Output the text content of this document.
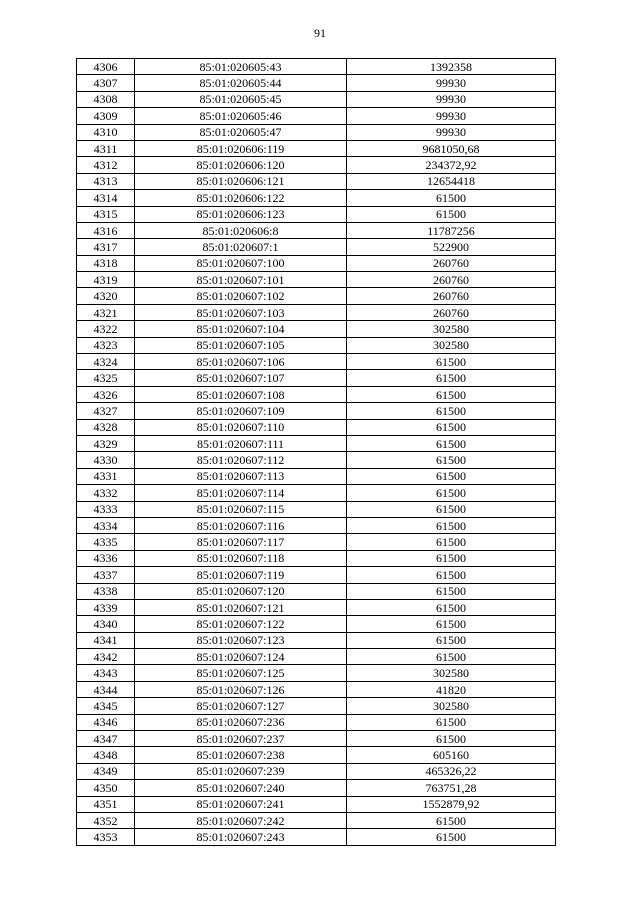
91
4306	85:01:020605:43	1392358
4307	85:01:020605:44	99930
4308	85:01:020605:45	99930
4309	85:01:020605:46	99930
4310	85:01:020605:47	99930
4311	85:01:020606:119	9681050,68
4312	85:01:020606:120	234372,92
4313	85:01:020606:121	12654418
4314	85:01:020606:122	61500
4315	85:01:020606:123	61500
4316	85:01:020606:8	11787256
4317	85:01:020607:1	522900
4318	85:01:020607:100	260760
4319	85:01:020607:101	260760
4320	85:01:020607:102	260760
4321	85:01:020607:103	260760
4322	85:01:020607:104	302580
4323	85:01:020607:105	302580
4324	85:01:020607:106	61500
4325	85:01:020607:107	61500
4326	85:01:020607:108	61500
4327	85:01:020607:109	61500
4328	85:01:020607:110	61500
4329	85:01:020607:111	61500
4330	85:01:020607:112	61500
4331	85:01:020607:113	61500
4332	85:01:020607:114	61500
4333	85:01:020607:115	61500
4334	85:01:020607:116	61500
4335	85:01:020607:117	61500
4336	85:01:020607:118	61500
4337	85:01:020607:119	61500
4338	85:01:020607:120	61500
4339	85:01:020607:121	61500
4340	85:01:020607:122	61500
4341	85:01:020607:123	61500
4342	85:01:020607:124	61500
4343	85:01:020607:125	302580
4344	85:01:020607:126	41820
4345	85:01:020607:127	302580
4346	85:01:020607:236	61500
4347	85:01:020607:237	61500
4348	85:01:020607:238	605160
4349	85:01:020607:239	465326,22
4350	85:01:020607:240	763751,28
4351	85:01:020607:241	1552879,92
4352	85:01:020607:242	61500
4353	85:01:020607:243	61500
